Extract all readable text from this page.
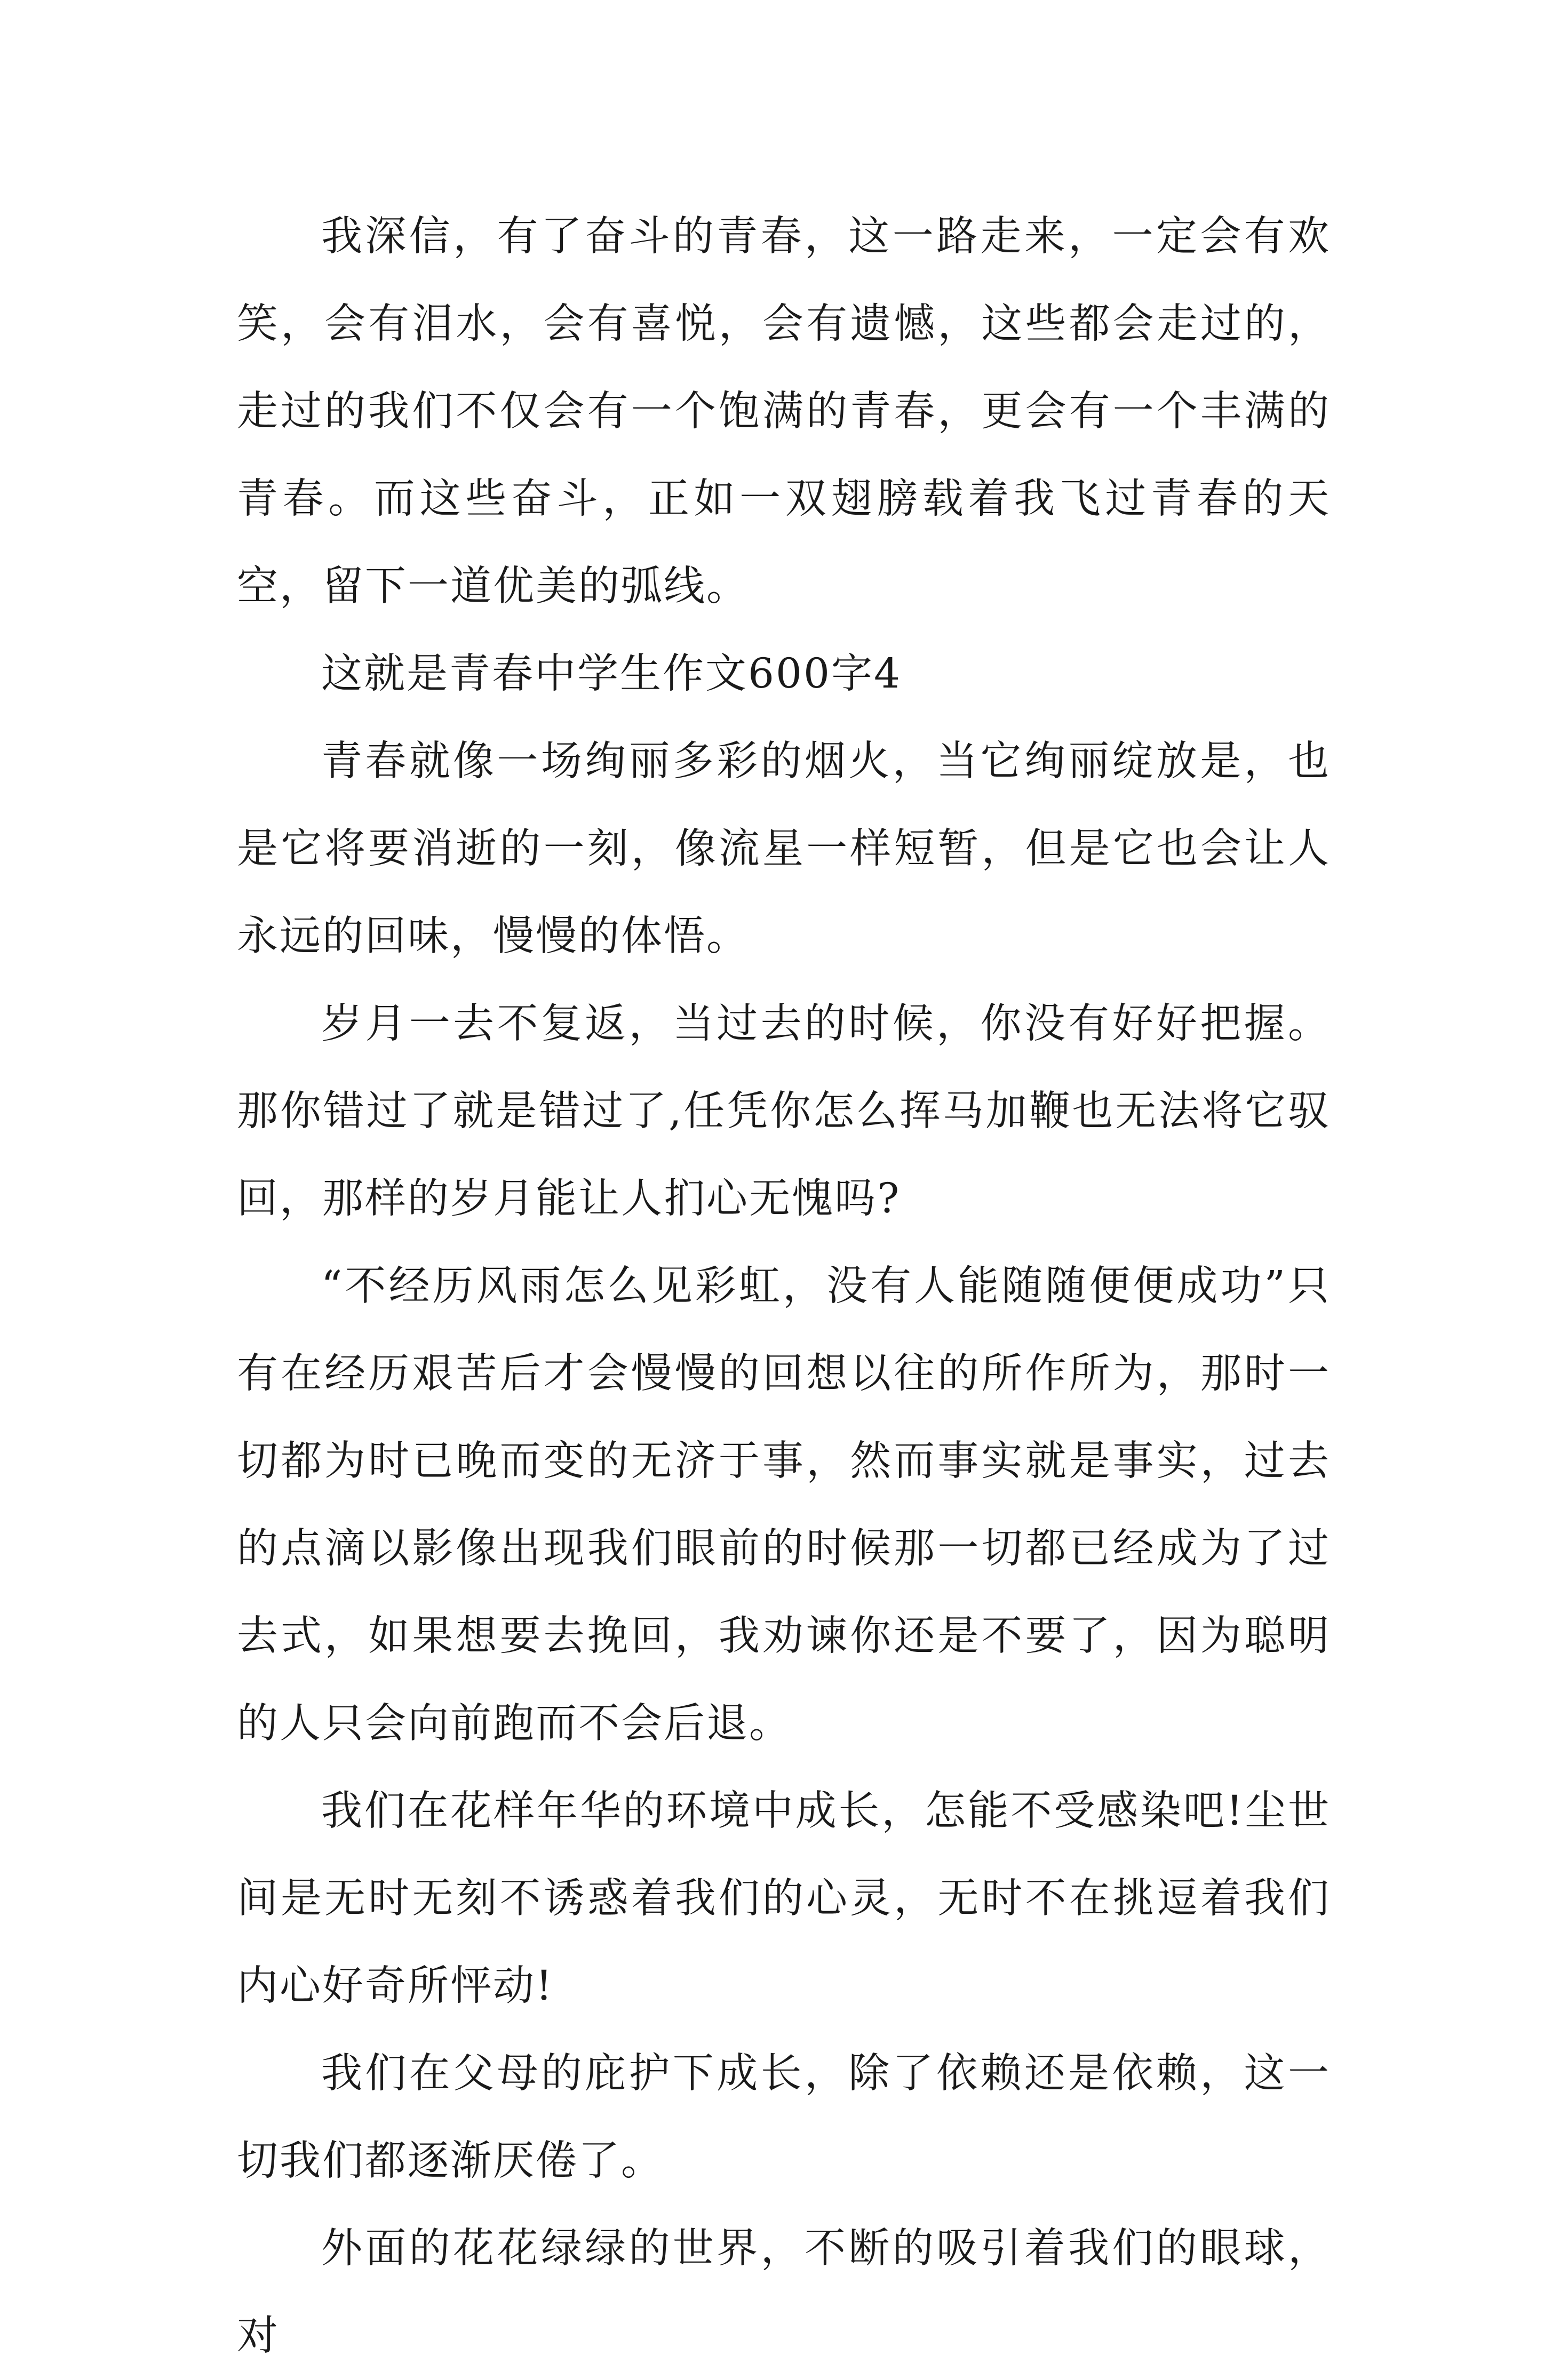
我深信，有了奋斗的青春，这一路走来，一定会有欢笑，会有泪水，会有喜悦，会有遗憾，这些都会走过的，走过的我们不仅会有一个饱满的青春，更会有一个丰满的青春。而这些奋斗，正如一双翅膀载着我飞过青春的天空，留下一道优美的弧线。

这就是青春中学生作文600字4

青春就像一场绚丽多彩的烟火，当它绚丽绽放是，也是它将要消逝的一刻，像流星一样短暂，但是它也会让人永远的回味，慢慢的体悟。

岁月一去不复返，当过去的时候，你没有好好把握。那你错过了就是错过了,任凭你怎么挥马加鞭也无法将它驭回，那样的岁月能让人扪心无愧吗?

“不经历风雨怎么见彩虹，没有人能随随便便成功”只有在经历艰苦后才会慢慢的回想以往的所作所为，那时一切都为时已晚而变的无济于事，然而事实就是事实，过去的点滴以影像出现我们眼前的时候那一切都已经成为了过去式，如果想要去挽回，我劝谏你还是不要了，因为聪明的人只会向前跑而不会后退。

我们在花样年华的环境中成长，怎能不受感染吧!尘世间是无时无刻不诱惑着我们的心灵，无时不在挑逗着我们内心好奇所怦动!

我们在父母的庇护下成长，除了依赖还是依赖，这一切我们都逐渐厌倦了。

外面的花花绿绿的世界，不断的吸引着我们的眼球，对
